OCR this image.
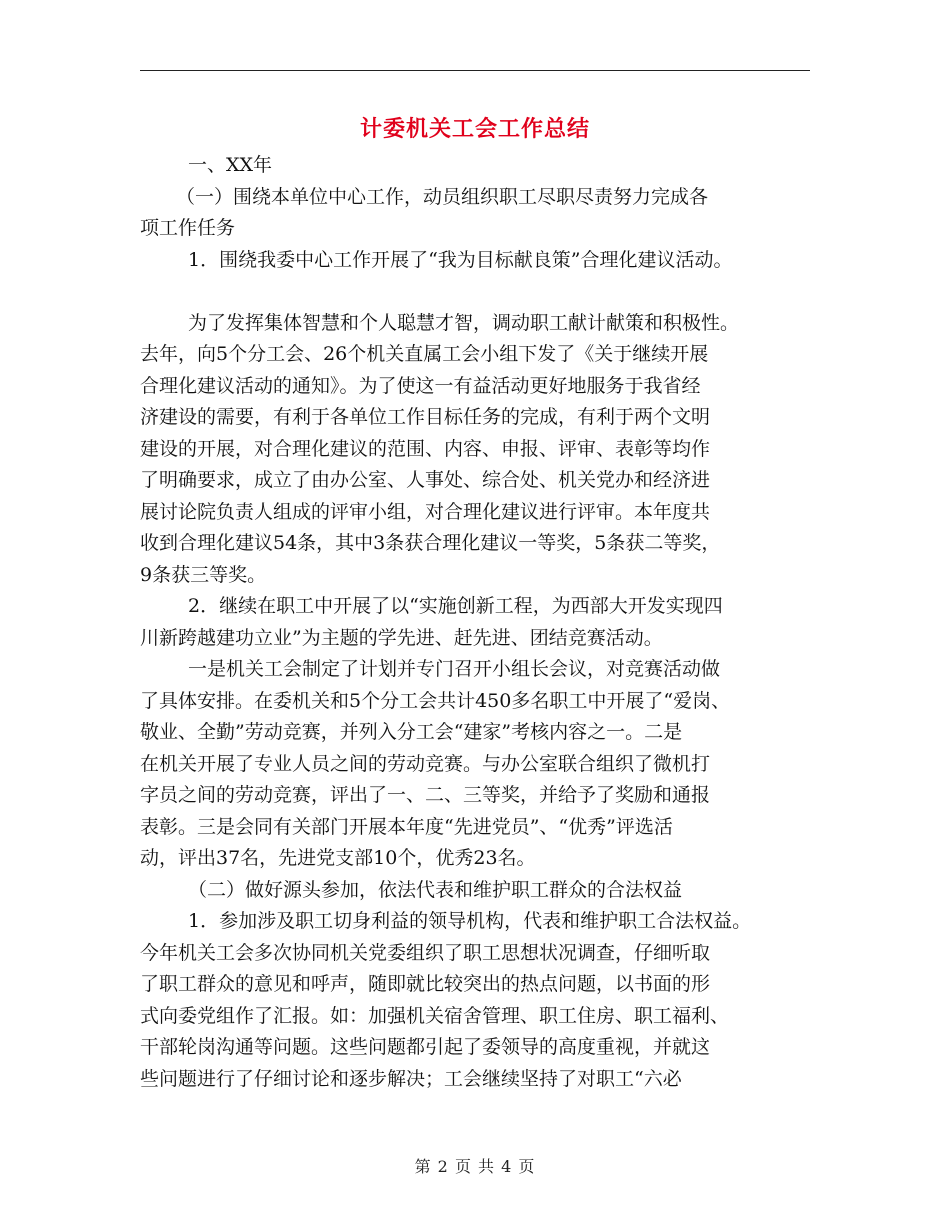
计委机关工会工作总结
一、XX年
（一）围绕本单位中心工作，动员组织职工尽职尽责努力完成各
项工作任务
1．围绕我委中心工作开展了“我为目标献良策”合理化建议活动。
为了发挥集体智慧和个人聪慧才智，调动职工献计献策和积极性。
去年，向5个分工会、26个机关直属工会小组下发了《关于继续开展
合理化建议活动的通知》。为了使这一有益活动更好地服务于我省经
济建设的需要，有利于各单位工作目标任务的完成，有利于两个文明
建设的开展，对合理化建议的范围、内容、申报、评审、表彰等均作
了明确要求，成立了由办公室、人事处、综合处、机关党办和经济进
展讨论院负责人组成的评审小组，对合理化建议进行评审。本年度共
收到合理化建议54条，其中3条获合理化建议一等奖，5条获二等奖，
9条获三等奖。
2．继续在职工中开展了以“实施创新工程，为西部大开发实现四
川新跨越建功立业”为主题的学先进、赶先进、团结竞赛活动。
一是机关工会制定了计划并专门召开小组长会议，对竞赛活动做
了具体安排。在委机关和5个分工会共计450多名职工中开展了“爱岗、
敬业、全勤”劳动竞赛，并列入分工会“建家”考核内容之一。二是
在机关开展了专业人员之间的劳动竞赛。与办公室联合组织了微机打
字员之间的劳动竞赛，评出了一、二、三等奖，并给予了奖励和通报
表彰。三是会同有关部门开展本年度“先进党员”、“优秀”评选活
动，评出37名，先进党支部10个，优秀23名。
（二）做好源头参加，依法代表和维护职工群众的合法权益
1．参加涉及职工切身利益的领导机构，代表和维护职工合法权益。
今年机关工会多次协同机关党委组织了职工思想状况调查，仔细听取
了职工群众的意见和呼声，随即就比较突出的热点问题，以书面的形
式向委党组作了汇报。如：加强机关宿舍管理、职工住房、职工福利、
干部轮岗沟通等问题。这些问题都引起了委领导的高度重视，并就这
些问题进行了仔细讨论和逐步解决；工会继续坚持了对职工“六必
第 2 页 共 4 页
